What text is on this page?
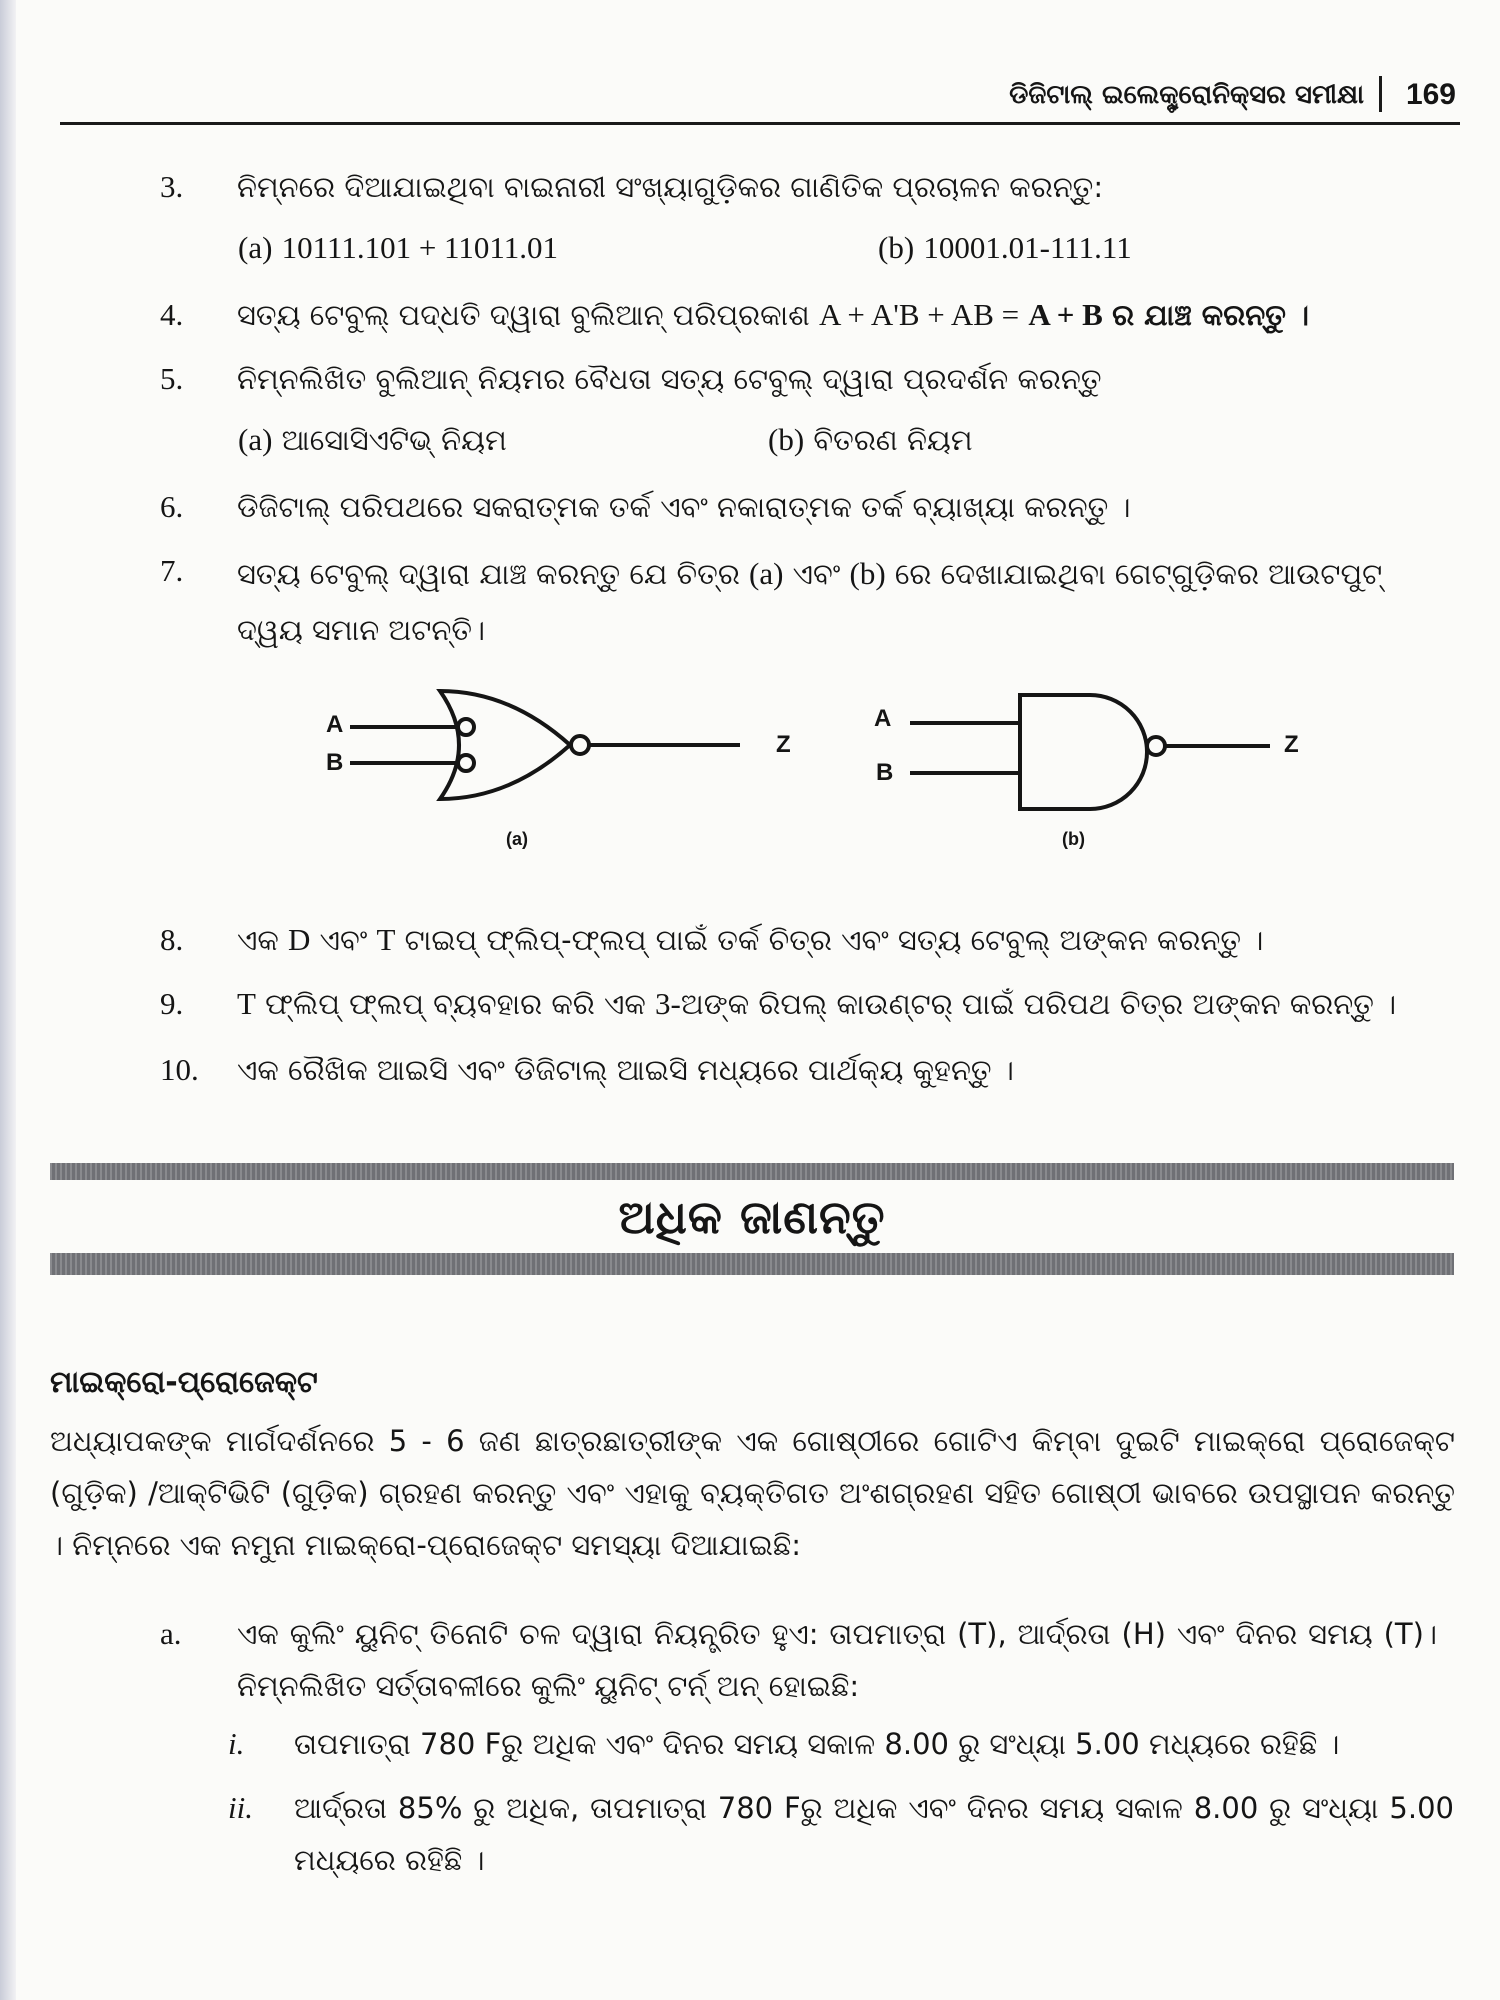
ଡିଜିଟାଲ୍ ଇଲେକ୍ଟ୍ରୋନିକ୍ସର ସମୀକ୍ଷା 169
3. ନିମ୍ନରେ ଦିଆଯାଇଥିବା ବାଇନାରୀ ସଂଖ୍ୟାଗୁଡ଼ିକର ଗାଣିତିକ ପ୍ରଚାଳନ କରନ୍ତୁ:
(a) 10111.101 + 11011.01	(b) 10001.01-111.11
4. ସତ୍ୟ ଟେବୁଲ୍ ପଦ୍ଧତି ଦ୍ୱାରା ବୁଲିଆନ୍ ପରିପ୍ରକାଶ A + A'B + AB = A + B ର ଯାଞ୍ଚ କରନ୍ତୁ ।
5. ନିମ୍ନଲିଖିତ ବୁଲିଆନ୍ ନିୟମର ବୈଧତା ସତ୍ୟ ଟେବୁଲ୍ ଦ୍ୱାରା ପ୍ରଦର୍ଶନ କରନ୍ତୁ
(a) ଆସୋସିଏଟିଭ୍ ନିୟମ	(b) ବିତରଣ ନିୟମ
6. ଡିଜିଟାଲ୍ ପରିପଥରେ ସକରାତ୍ମକ ତର୍କ ଏବଂ ନକାରାତ୍ମକ ତର୍କ ବ୍ୟାଖ୍ୟା କରନ୍ତୁ ।
7. ସତ୍ୟ ଟେବୁଲ୍ ଦ୍ୱାରା ଯାଞ୍ଚ କରନ୍ତୁ ଯେ ଚିତ୍ର (a) ଏବଂ (b) ରେ ଦେଖାଯାଇଥିବା ଗେଟ୍ଗୁଡ଼ିକର ଆଉଟପୁଟ୍ ଦ୍ୱୟ ସମାନ ଅଟନ୍ତି।
A
B
Z
(a)
A
B
Z
(b)
8. ଏକ D ଏବଂ T ଟାଇପ୍ ଫ୍ଲିପ୍-ଫ୍ଲପ୍ ପାଇଁ ତର୍କ ଚିତ୍ର ଏବଂ ସତ୍ୟ ଟେବୁଲ୍ ଅଙ୍କନ କରନ୍ତୁ ।
9. T ଫ୍ଲିପ୍ ଫ୍ଲପ୍ ବ୍ୟବହାର କରି ଏକ 3-ଅଙ୍କ ରିପଲ୍ କାଉଣ୍ଟର୍ ପାଇଁ ପରିପଥ ଚିତ୍ର ଅଙ୍କନ କରନ୍ତୁ ।
10. ଏକ ରୈଖିକ ଆଇସି ଏବଂ ଡିଜିଟାଲ୍ ଆଇସି ମଧ୍ୟରେ ପାର୍ଥକ୍ୟ କୁହନ୍ତୁ ।
ଅଧିକ ଜାଣନ୍ତୁ
ମାଇକ୍ରୋ-ପ୍ରୋଜେକ୍ଟ
ଅଧ୍ୟାପକଙ୍କ ମାର୍ଗଦର୍ଶନରେ 5 - 6 ଜଣ ଛାତ୍ରଛାତ୍ରୀଙ୍କ ଏକ ଗୋଷ୍ଠୀରେ ଗୋଟିଏ କିମ୍ବା ଦୁଇଟି ମାଇକ୍ରୋ ପ୍ରୋଜେକ୍ଟ (ଗୁଡ଼ିକ) /ଆକ୍ଟିଭିଟି (ଗୁଡ଼ିକ) ଗ୍ରହଣ କରନ୍ତୁ ଏବଂ ଏହାକୁ ବ୍ୟକ୍ତିଗତ ଅଂଶଗ୍ରହଣ ସହିତ ଗୋଷ୍ଠୀ ଭାବରେ ଉପସ୍ଥାପନ କରନ୍ତୁ । ନିମ୍ନରେ ଏକ ନମୁନା ମାଇକ୍ରୋ-ପ୍ରୋଜେକ୍ଟ ସମସ୍ୟା ଦିଆଯାଇଛି:
a. ଏକ କୁଲିଂ ୟୁନିଟ୍ ତିନୋଟି ଚଳ ଦ୍ୱାରା ନିୟନ୍ତ୍ରିତ ହୁଏ: ତାପମାତ୍ରା (T), ଆର୍ଦ୍ରତା (H) ଏବଂ ଦିନର ସମୟ (T)। ନିମ୍ନଲିଖିତ ସର୍ତ୍ତାବଳୀରେ କୁଲିଂ ୟୁନିଟ୍ ଟର୍ନ୍ ଅନ୍ ହୋଇଛି:
i. ତାପମାତ୍ରା 780 Fରୁ ଅଧିକ ଏବଂ ଦିନର ସମୟ ସକାଳ 8.00 ରୁ ସଂଧ୍ୟା 5.00 ମଧ୍ୟରେ ରହିଛି ।
ii. ଆର୍ଦ୍ରତା 85% ରୁ ଅଧିକ, ତାପମାତ୍ରା 780 Fରୁ ଅଧିକ ଏବଂ ଦିନର ସମୟ ସକାଳ 8.00 ରୁ ସଂଧ୍ୟା 5.00 ମଧ୍ୟରେ ରହିଛି ।
